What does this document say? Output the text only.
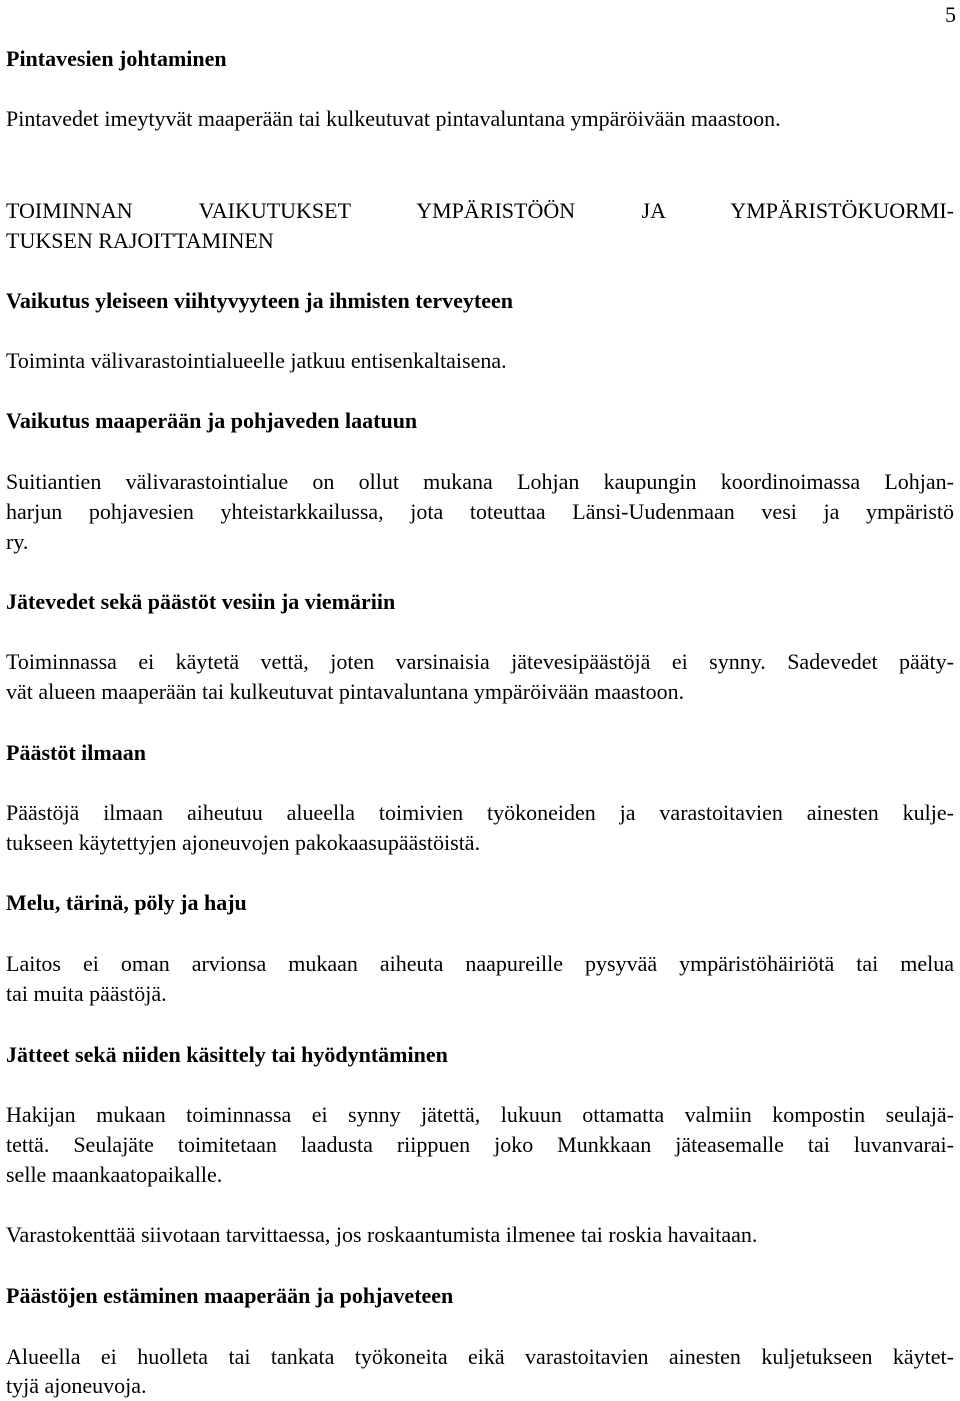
5
Pintavesien johtaminen
Pintavedet imeytyvät maaperään tai kulkeutuvat pintavaluntana ympäröivään maastoon.
TOIMINNAN VAIKUTUKSET YMPÄRISTÖÖN JA YMPÄRISTÖKUORMI-
TUKSEN RAJOITTAMINEN
Vaikutus yleiseen viihtyvyyteen ja ihmisten terveyteen
Toiminta välivarastointialueelle jatkuu entisenkaltaisena.
Vaikutus maaperään ja pohjaveden laatuun
Suitiantien välivarastointialue on ollut mukana Lohjan kaupungin koordinoimassa Lohjan-
harjun pohjavesien yhteistarkkailussa, jota toteuttaa Länsi-Uudenmaan vesi ja ympäristö
ry.
Jätevedet sekä päästöt vesiin ja viemäriin
Toiminnassa ei käytetä vettä, joten varsinaisia jätevesipäästöjä ei synny. Sadevedet pääty-
vät alueen maaperään tai kulkeutuvat pintavaluntana ympäröivään maastoon.
Päästöt ilmaan
Päästöjä ilmaan aiheutuu alueella toimivien työkoneiden ja varastoitavien ainesten kulje-
tukseen käytettyjen ajoneuvojen pakokaasupäästöistä.
Melu, tärinä, pöly ja haju
Laitos ei oman arvionsa mukaan aiheuta naapureille pysyvää ympäristöhäiriötä tai melua
tai muita päästöjä.
Jätteet sekä niiden käsittely tai hyödyntäminen
Hakijan mukaan toiminnassa ei synny jätettä, lukuun ottamatta valmiin kompostin seulajä-
tettä. Seulajäte toimitetaan laadusta riippuen joko Munkkaan jäteasemalle tai luvanvarai-
selle maankaatopaikalle.
Varastokenttää siivotaan tarvittaessa, jos roskaantumista ilmenee tai roskia havaitaan.
Päästöjen estäminen maaperään ja pohjaveteen
Alueella ei huolleta tai tankata työkoneita eikä varastoitavien ainesten kuljetukseen käytet-
tyjä ajoneuvoja.
